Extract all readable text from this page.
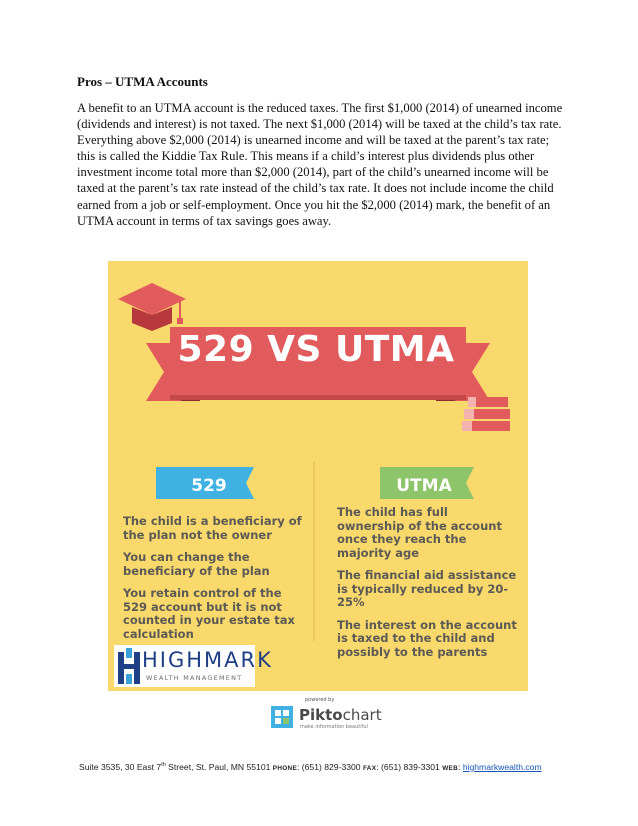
Pros – UTMA Accounts
A benefit to an UTMA account is the reduced taxes. The first $1,000 (2014) of unearned income
(dividends and interest) is not taxed. The next $1,000 (2014) will be taxed at the child’s tax rate.
Everything above $2,000 (2014) is unearned income and will be taxed at the parent’s tax rate;
this is called the Kiddie Tax Rule. This means if a child’s interest plus dividends plus other
investment income total more than $2,000 (2014), part of the child’s unearned income will be
taxed at the parent’s tax rate instead of the child’s tax rate. It does not include income the child
earned from a job or self-employment. Once you hit the $2,000 (2014) mark, the benefit of an
UTMA account in terms of tax savings goes away.
529 VS UTMA
529	UTMA

The child is a beneficiary of the plan not the owner

You can change the beneficiary of the plan

You retain control of the 529 account but it is not counted in your estate tax calculation

The child has full ownership of the account once they reach the majority age

The financial aid assistance is typically reduced by 20-25%

The interest on the account is taxed to the child and possibly to the parents

HIGHMARK
WEALTH MANAGEMENT
powered by
Piktochart
make information beautiful
Suite 3535, 30 East 7th Street, St. Paul, MN 55101 PHONE: (651) 829-3300 FAX: (651) 839-3301 WEB: highmarkwealth.com
